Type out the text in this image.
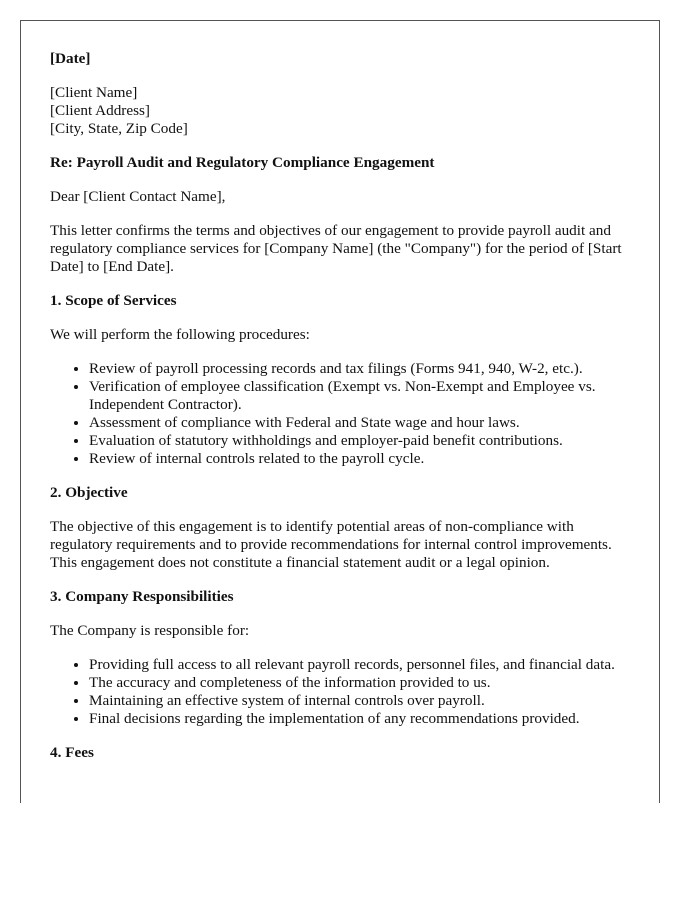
[Date]

[Client Name]
[Client Address]
[City, State, Zip Code]

Re: Payroll Audit and Regulatory Compliance Engagement

Dear [Client Contact Name],

This letter confirms the terms and objectives of our engagement to provide payroll audit and regulatory compliance services for [Company Name] (the "Company") for the period of [Start Date] to [End Date].

1. Scope of Services

We will perform the following procedures:

• Review of payroll processing records and tax filings (Forms 941, 940, W-2, etc.).
• Verification of employee classification (Exempt vs. Non-Exempt and Employee vs. Independent Contractor).
• Assessment of compliance with Federal and State wage and hour laws.
• Evaluation of statutory withholdings and employer-paid benefit contributions.
• Review of internal controls related to the payroll cycle.

2. Objective

The objective of this engagement is to identify potential areas of non-compliance with regulatory requirements and to provide recommendations for internal control improvements. This engagement does not constitute a financial statement audit or a legal opinion.

3. Company Responsibilities

The Company is responsible for:

• Providing full access to all relevant payroll records, personnel files, and financial data.
• The accuracy and completeness of the information provided to us.
• Maintaining an effective system of internal controls over payroll.
• Final decisions regarding the implementation of any recommendations provided.

4. Fees
